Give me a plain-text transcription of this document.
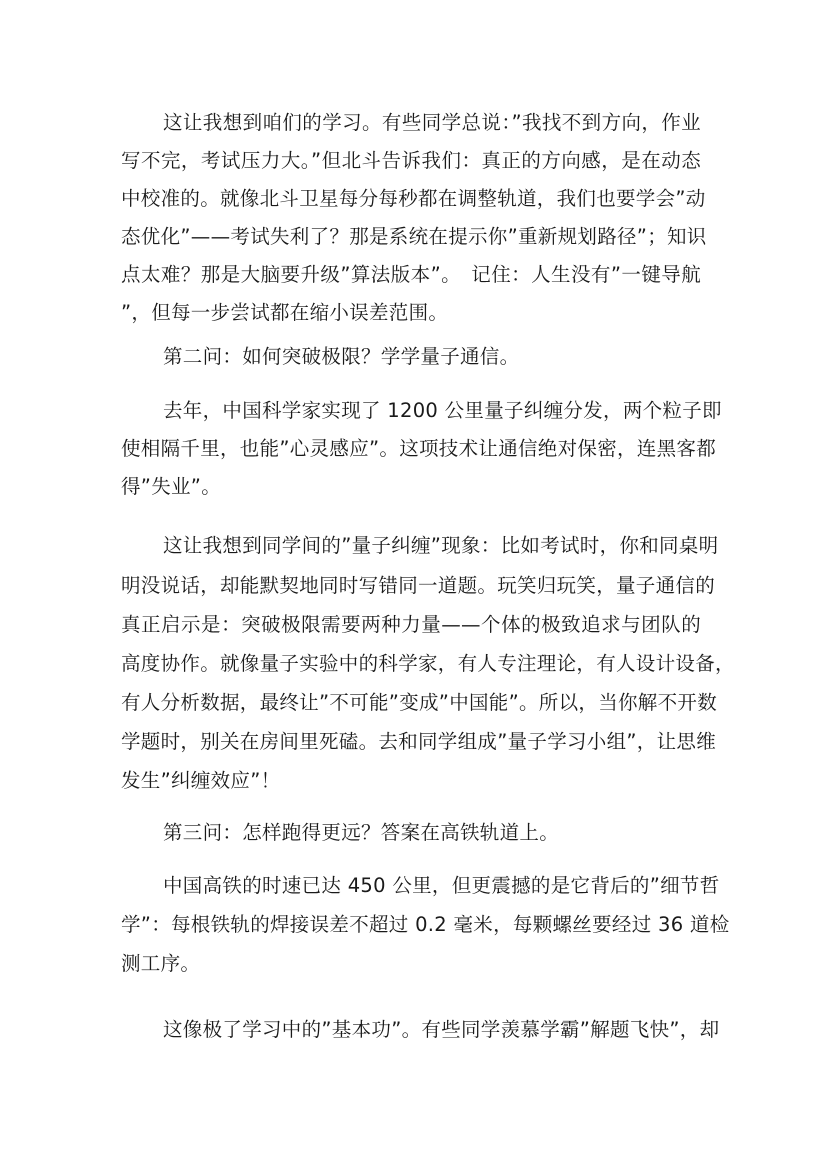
这让我想到咱们的学习。有些同学总说：”我找不到方向，作业
写不完，考试压力大。”但北斗告诉我们：真正的方向感，是在动态
中校准的。就像北斗卫星每分每秒都在调整轨道，我们也要学会”动
态优化”——考试失利了？那是系统在提示你”重新规划路径”；知识
点太难？那是大脑要升级”算法版本”。　记住：人生没有”一键导航
”，但每一步尝试都在缩小误差范围。
第二问：如何突破极限？学学量子通信。
去年，中国科学家实现了 1200 公里量子纠缠分发，两个粒子即
使相隔千里，也能”心灵感应”。这项技术让通信绝对保密，连黑客都
得”失业”。
这让我想到同学间的”量子纠缠”现象：比如考试时，你和同桌明
明没说话，却能默契地同时写错同一道题。玩笑归玩笑，量子通信的
真正启示是：突破极限需要两种力量——个体的极致追求与团队的
高度协作。就像量子实验中的科学家，有人专注理论，有人设计设备，
有人分析数据，最终让”不可能”变成”中国能”。所以，当你解不开数
学题时，别关在房间里死磕。去和同学组成”量子学习小组”，让思维
发生”纠缠效应”！
第三问：怎样跑得更远？答案在高铁轨道上。
中国高铁的时速已达 450 公里，但更震撼的是它背后的”细节哲
学”：每根铁轨的焊接误差不超过 0.2 毫米，每颗螺丝要经过 36 道检
测工序。
这像极了学习中的”基本功”。有些同学羡慕学霸”解题飞快”，却
